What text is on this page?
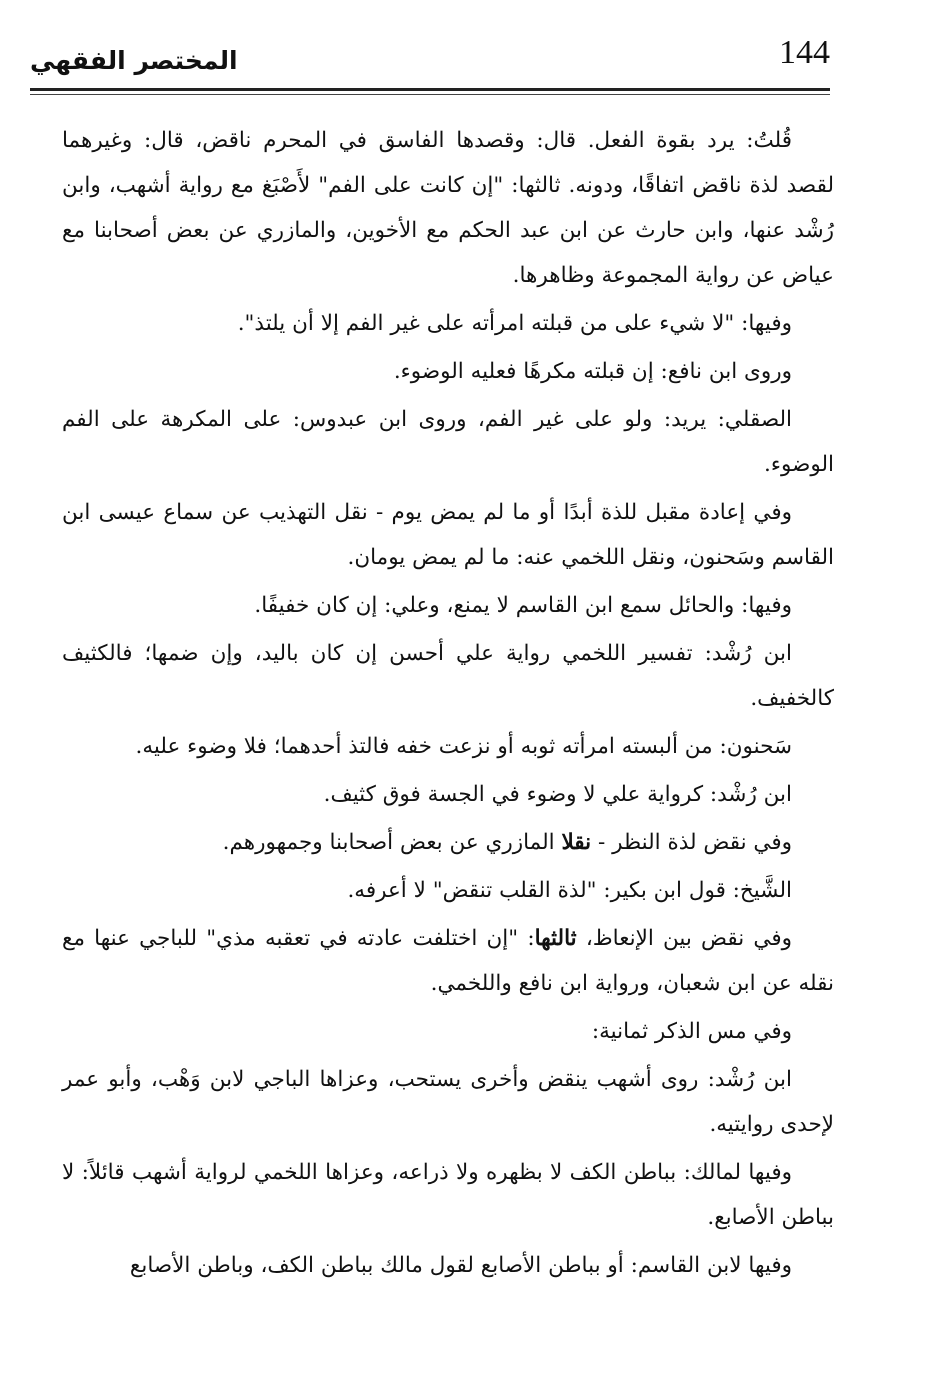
المختصر الفقهي	144

قُلتُ: يرد بقوة الفعل. قال: وقصدها الفاسق في المحرم ناقض، قال: وغيرهما لقصد لذة ناقض اتفاقًا، ودونه. ثالثها: "إن كانت على الفم" لأَصْبَغ مع رواية أشهب، وابن رُشْد عنها، وابن حارث عن ابن عبد الحكم مع الأخوين، والمازري عن بعض أصحابنا مع عياض عن رواية المجموعة وظاهرها.

وفيها: "لا شيء على من قبلته امرأته على غير الفم إلا أن يلتذ".

وروى ابن نافع: إن قبلته مكرهًا فعليه الوضوء.

الصقلي: يريد: ولو على غير الفم، وروى ابن عبدوس: على المكرهة على الفم الوضوء.

وفي إعادة مقبل للذة أبدًا أو ما لم يمض يوم - نقل التهذيب عن سماع عيسى ابن القاسم وسَحنون، ونقل اللخمي عنه: ما لم يمض يومان.

وفيها: والحائل سمع ابن القاسم لا يمنع، وعلي: إن كان خفيفًا.

ابن رُشْد: تفسير اللخمي رواية علي أحسن إن كان باليد، وإن ضمها؛ فالكثيف كالخفيف.

سَحنون: من ألبسته امرأته ثوبه أو نزعت خفه فالتذ أحدهما؛ فلا وضوء عليه.

ابن رُشْد: كرواية علي لا وضوء في الجسة فوق كثيف.

وفي نقض لذة النظر - نقلا المازري عن بعض أصحابنا وجمهورهم.

الشَّيخ: قول ابن بكير: "لذة القلب تنقض" لا أعرفه.

وفي نقض بين الإنعاظ، ثالثها: "إن اختلفت عادته في تعقبه مذي" للباجي عنها مع نقله عن ابن شعبان، ورواية ابن نافع واللخمي.

وفي مس الذكر ثمانية:

ابن رُشْد: روى أشهب ينقض وأخرى يستحب، وعزاها الباجي لابن وَهْب، وأبو عمر لإحدى روايتيه.

وفيها لمالك: بباطن الكف لا بظهره ولا ذراعه، وعزاها اللخمي لرواية أشهب قائلاً: لا بباطن الأصابع.

وفيها لابن القاسم: أو بباطن الأصابع لقول مالك بباطن الكف، وباطن الأصابع
